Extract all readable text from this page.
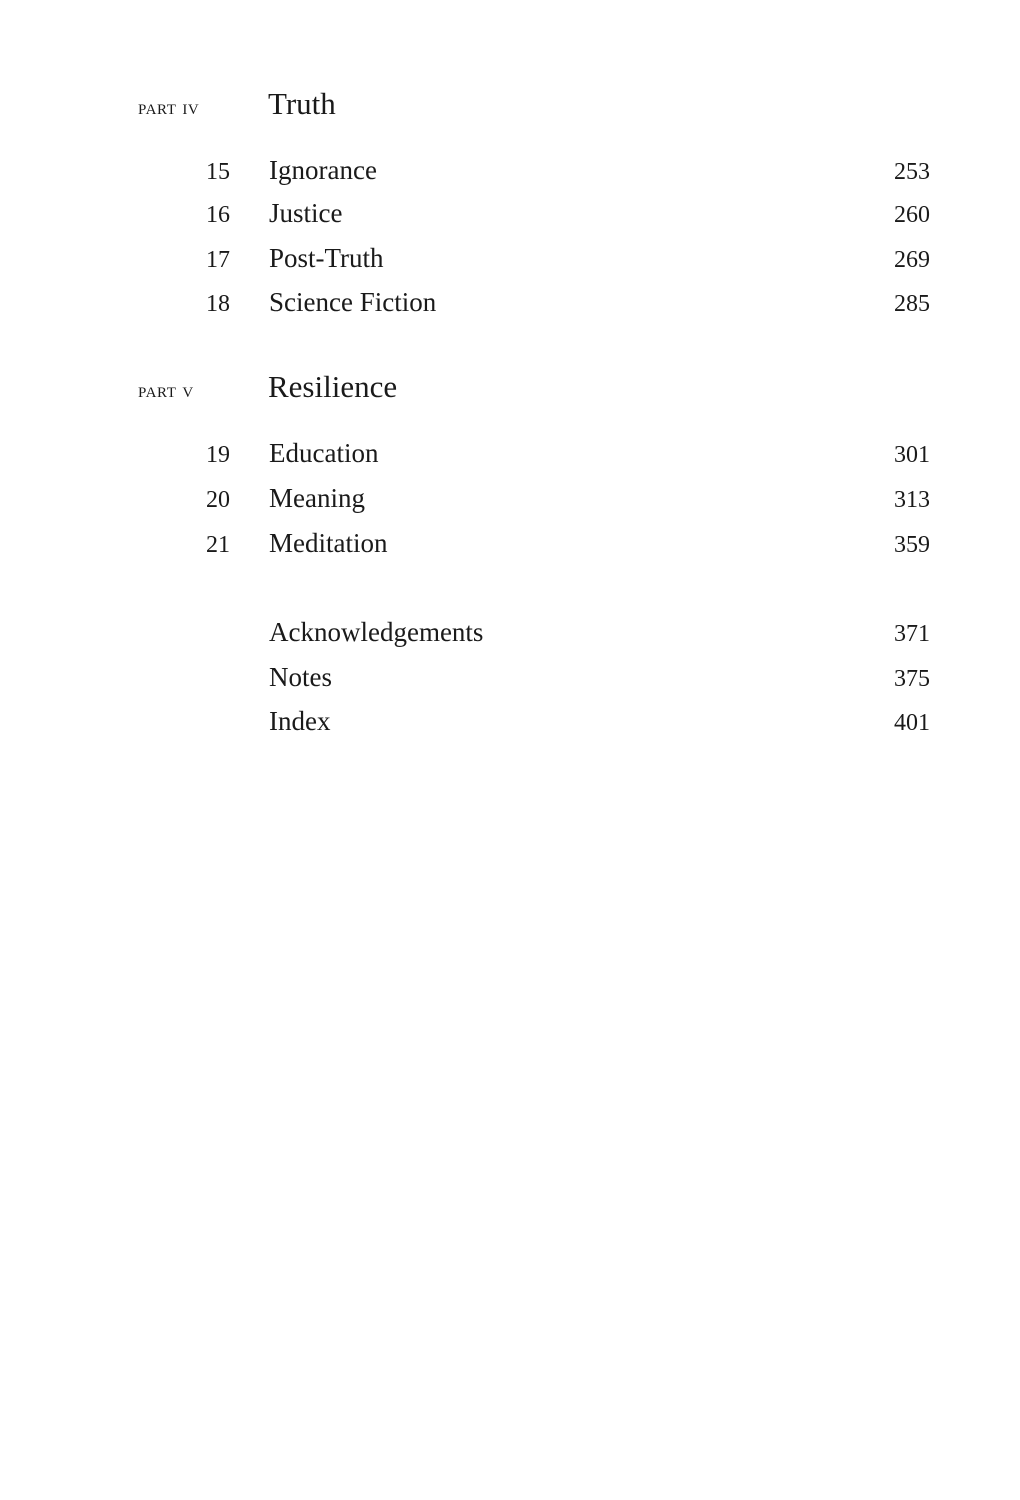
part iv Truth
15 Ignorance	253
16 Justice	260
17 Post-Truth	269
18 Science Fiction	285
part v Resilience
19 Education	301
20 Meaning	313
21 Meditation	359
Acknowledgements	371
Notes	375
Index	401
